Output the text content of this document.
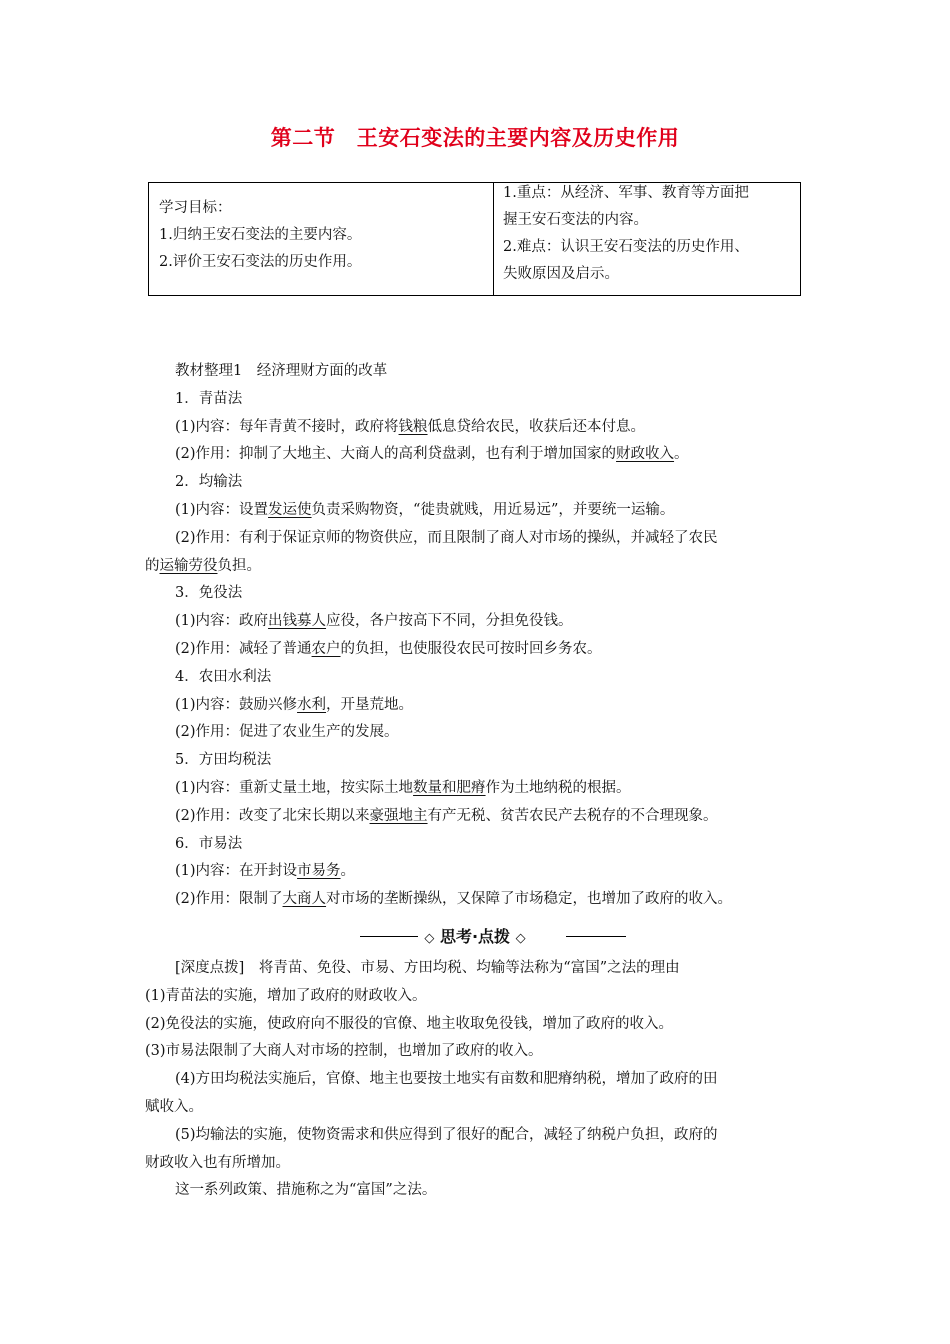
第二节　王安石变法的主要内容及历史作用
学习目标：
1.归纳王安石变法的主要内容。
2.评价王安石变法的历史作用。
1.重点：从经济、军事、教育等方面把
握王安石变法的内容。
2.难点：认识王安石变法的历史作用、
失败原因及启示。
教材整理1　经济理财方面的改革
1．青苗法
(1)内容：每年青黄不接时，政府将钱粮低息贷给农民，收获后还本付息。
(2)作用：抑制了大地主、大商人的高利贷盘剥，也有利于增加国家的财政收入。
2．均输法
(1)内容：设置发运使负责采购物资，“徙贵就贱，用近易远”，并要统一运输。
(2)作用：有利于保证京师的物资供应，而且限制了商人对市场的操纵，并减轻了农民
的运输劳役负担。
3．免役法
(1)内容：政府出钱募人应役，各户按高下不同，分担免役钱。
(2)作用：减轻了普通农户的负担，也使服役农民可按时回乡务农。
4．农田水利法
(1)内容：鼓励兴修水利，开垦荒地。
(2)作用：促进了农业生产的发展。
5．方田均税法
(1)内容：重新丈量土地，按实际土地数量和肥瘠作为土地纳税的根据。
(2)作用：改变了北宋长期以来豪强地主有产无税、贫苦农民产去税存的不合理现象。
6．市易法
(1)内容：在开封设市易务。
(2)作用：限制了大商人对市场的垄断操纵，又保障了市场稳定，也增加了政府的收入。
◇ 思考·点拨 ◇
[深度点拨]　将青苗、免役、市易、方田均税、均输等法称为“富国”之法的理由
(1)青苗法的实施，增加了政府的财政收入。
(2)免役法的实施，使政府向不服役的官僚、地主收取免役钱，增加了政府的收入。
(3)市易法限制了大商人对市场的控制，也增加了政府的收入。
(4)方田均税法实施后，官僚、地主也要按土地实有亩数和肥瘠纳税，增加了政府的田
赋收入。
(5)均输法的实施，使物资需求和供应得到了很好的配合，减轻了纳税户负担，政府的
财政收入也有所增加。
这一系列政策、措施称之为“富国”之法。
